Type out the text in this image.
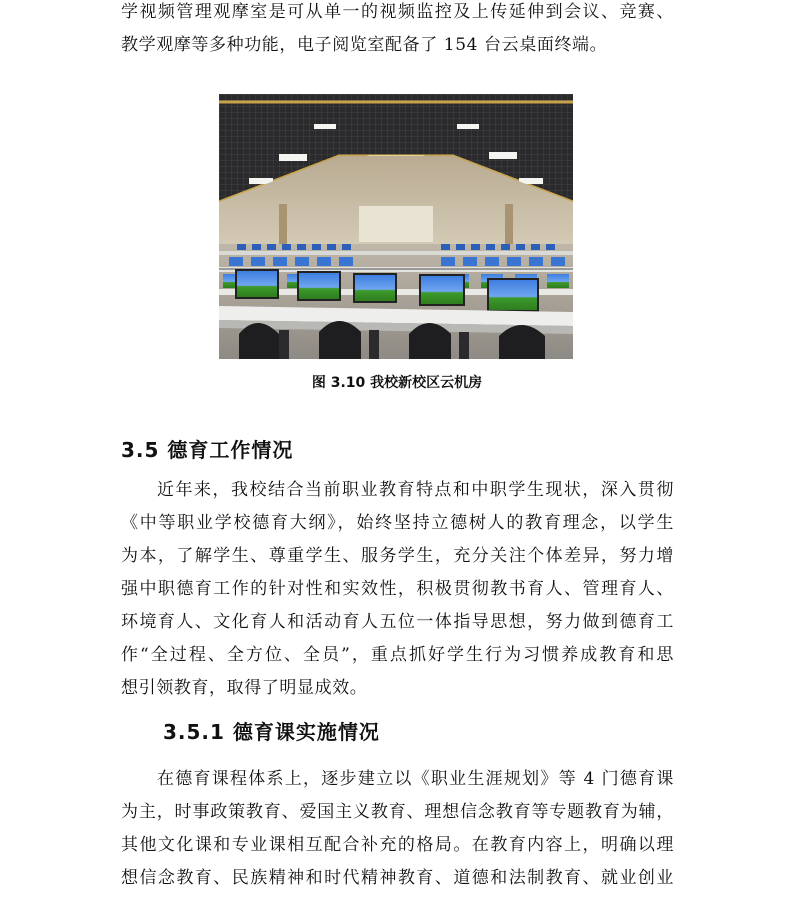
学视频管理观摩室是可从单一的视频监控及上传延伸到会议、竞赛、
教学观摩等多种功能，电子阅览室配备了 154 台云桌面终端。
图 3.10 我校新校区云机房
3.5 德育工作情况
近年来，我校结合当前职业教育特点和中职学生现状，深入贯彻
《中等职业学校德育大纲》，始终坚持立德树人的教育理念，以学生
为本，了解学生、尊重学生、服务学生，充分关注个体差异，努力增
强中职德育工作的针对性和实效性，积极贯彻教书育人、管理育人、
环境育人、文化育人和活动育人五位一体指导思想，努力做到德育工
作“全过程、全方位、全员”，重点抓好学生行为习惯养成教育和思
想引领教育，取得了明显成效。
3.5.1 德育课实施情况
在德育课程体系上，逐步建立以《职业生涯规划》等 4 门德育课
为主，时事政策教育、爱国主义教育、理想信念教育等专题教育为辅，
其他文化课和专业课相互配合补充的格局。在教育内容上，明确以理
想信念教育、民族精神和时代精神教育、道德和法制教育、就业创业
